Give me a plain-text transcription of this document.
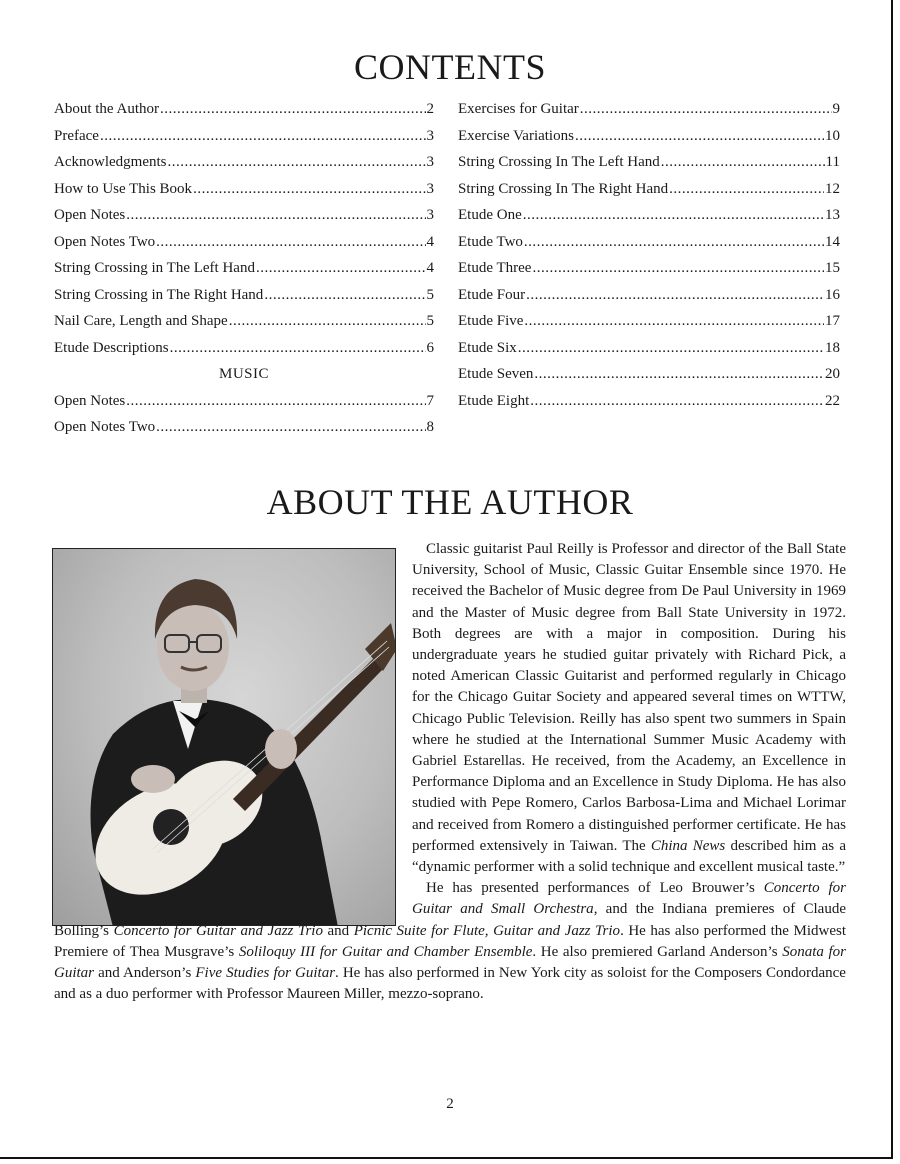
CONTENTS
About the Author .....	2
Preface .....	3
Acknowledgments .....	3
How to Use This Book .....	3
Open Notes .....	3
Open Notes Two .....	4
String Crossing in The Left Hand .....	4
String Crossing in The Right Hand .....	5
Nail Care, Length and Shape .....	5
Etude Descriptions .....	6
MUSIC
Open Notes .....	7
Open Notes Two .....	8
Exercises for Guitar .....	9
Exercise Variations .....	10
String Crossing In The Left Hand .....	11
String Crossing In The Right Hand .....	12
Etude One .....	13
Etude Two .....	14
Etude Three .....	15
Etude Four .....	16
Etude Five .....	17
Etude Six .....	18
Etude Seven .....	20
Etude Eight .....	22
ABOUT THE AUTHOR

Classic guitarist Paul Reilly is Professor and director of the Ball State University, School of Music, Classic Guitar Ensemble since 1970. He received the Bachelor of Music degree from De Paul University in 1969 and the Master of Music degree from Ball State University in 1972. Both degrees are with a major in composition. During his undergraduate years he studied guitar privately with Richard Pick, a noted American Classic Guitarist and performed regularly in Chicago for the Chicago Guitar Society and appeared several times on WTTW, Chicago Public Television. Reilly has also spent two summers in Spain where he studied at the International Summer Music Academy with Gabriel Estarellas. He received, from the Academy, an Excellence in Performance Diploma and an Excellence in Study Diploma. He has also studied with Pepe Romero, Carlos Barbosa-Lima and Michael Lorimar and received from Romero a distinguished performer certificate. He has performed extensively in Taiwan. The China News described him as a “dynamic performer with a solid technique and excellent musical taste.”

He has presented performances of Leo Brouwer’s Concerto for Guitar and Small Orchestra, and the Indiana premieres of Claude Bolling’s Concerto for Guitar and Jazz Trio and Picnic Suite for Flute, Guitar and Jazz Trio. He has also performed the Midwest Premiere of Thea Musgrave’s Soliloquy III for Guitar and Chamber Ensemble. He also premiered Garland Anderson’s Sonata for Guitar and Anderson’s Five Studies for Guitar. He has also performed in New York city as soloist for the Composers Condordance and as a duo performer with Professor Maureen Miller, mezzo-soprano.

2
